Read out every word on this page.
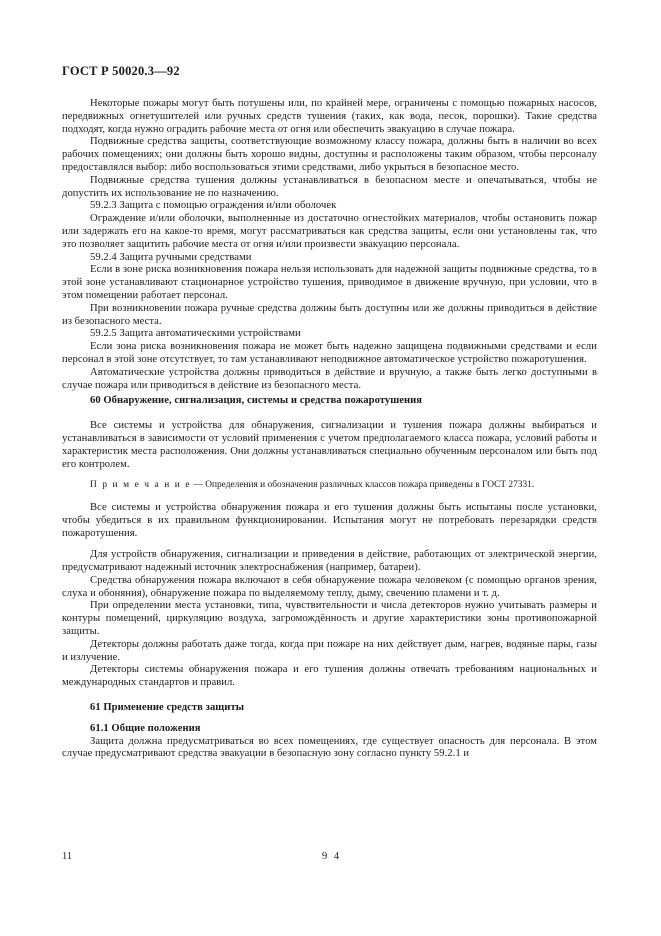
ГОСТ Р 50020.3—92

Некоторые пожары могут быть потушены или, по крайней мере, ограничены с помощью пожарных насосов, передвижных огнетушителей или ручных средств тушения (таких, как вода, песок, порошки). Такие средства подходят, когда нужно оградить рабочие места от огня или обеспечить эвакуацию в случае пожара.

Подвижные средства защиты, соответствующие возможному классу пожара, должны быть в наличии во всех рабочих помещениях; они должны быть хорошо видны, доступны и расположены таким образом, чтобы персоналу предоставлялся выбор: либо воспользоваться этими средствами, либо укрыться в безопасное место.

Подвижные средства тушения должны устанавливаться в безопасном месте и опечатываться, чтобы не допустить их использование не по назначению.

59.2.3 Защита с помощью ограждения и/или оболочек

Ограждение и/или оболочки, выполненные из достаточно огнестойких материалов, чтобы остановить пожар или задержать его на какое-то время, могут рассматриваться как средства защиты, если они установлены так, что это позволяет защитить рабочие места от огня и/или произвести эвакуацию персонала.

59.2.4 Защита ручными средствами

Если в зоне риска возникновения пожара нельзя использовать для надежной защиты подвижные средства, то в этой зоне устанавливают стационарное устройство тушения, приводимое в движение вручную, при условии, что в этом помещении работает персонал.

При возникновении пожара ручные средства должны быть доступны или же должны приводиться в действие из безопасного места.

59.2.5 Защита автоматическими устройствами

Если зона риска возникновения пожара не может быть надежно защищена подвижными средствами и если персонал в этой зоне отсутствует, то там устанавливают неподвижное автоматическое устройство пожаротушения.

Автоматические устройства должны приводиться в действие и вручную, а также быть легко доступными в случае пожара или приводиться в действие из безопасного места.

60 Обнаружение, сигнализация, системы и средства пожаротушения

Все системы и устройства для обнаружения, сигнализации и тушения пожара должны выбираться и устанавливаться в зависимости от условий применения с учетом предполагаемого класса пожара, условий работы и характеристик места расположения. Они должны устанавливаться специально обученным персоналом или быть под его контролем.

П р и м е ч а н и е — Определения и обозначения различных классов пожара приведены в ГОСТ 27331.

Все системы и устройства обнаружения пожара и его тушения должны быть испытаны после установки, чтобы убедиться в их правильном функционировании. Испытания могут не потребовать перезарядки средств пожаротушения.

Для устройств обнаружения, сигнализации и приведения в действие, работающих от электрической энергии, предусматривают надежный источник электроснабжения (например, батареи).

Средства обнаружения пожара включают в себя обнаружение пожара человеком (с помощью органов зрения, слуха и обоняния), обнаружение пожара по выделяемому теплу, дыму, свечению пламени и т. д.

При определении места установки, типа, чувствительности и числа детекторов нужно учитывать размеры и контуры помещений, циркуляцию воздуха, загромождённость и другие характеристики зоны противопожарной защиты.

Детекторы должны работать даже тогда, когда при пожаре на них действует дым, нагрев, водяные пары, газы и излучение.

Детекторы системы обнаружения пожара и его тушения должны отвечать требованиям национальных и международных стандартов и правил.

61 Применение средств защиты

61.1 Общие положения

Защита должна предусматриваться во всех помещениях, где существует опасность для персонала. В этом случае предусматривают средства эвакуации в безопасную зону согласно пункту 59.2.1 и

11	9 4
